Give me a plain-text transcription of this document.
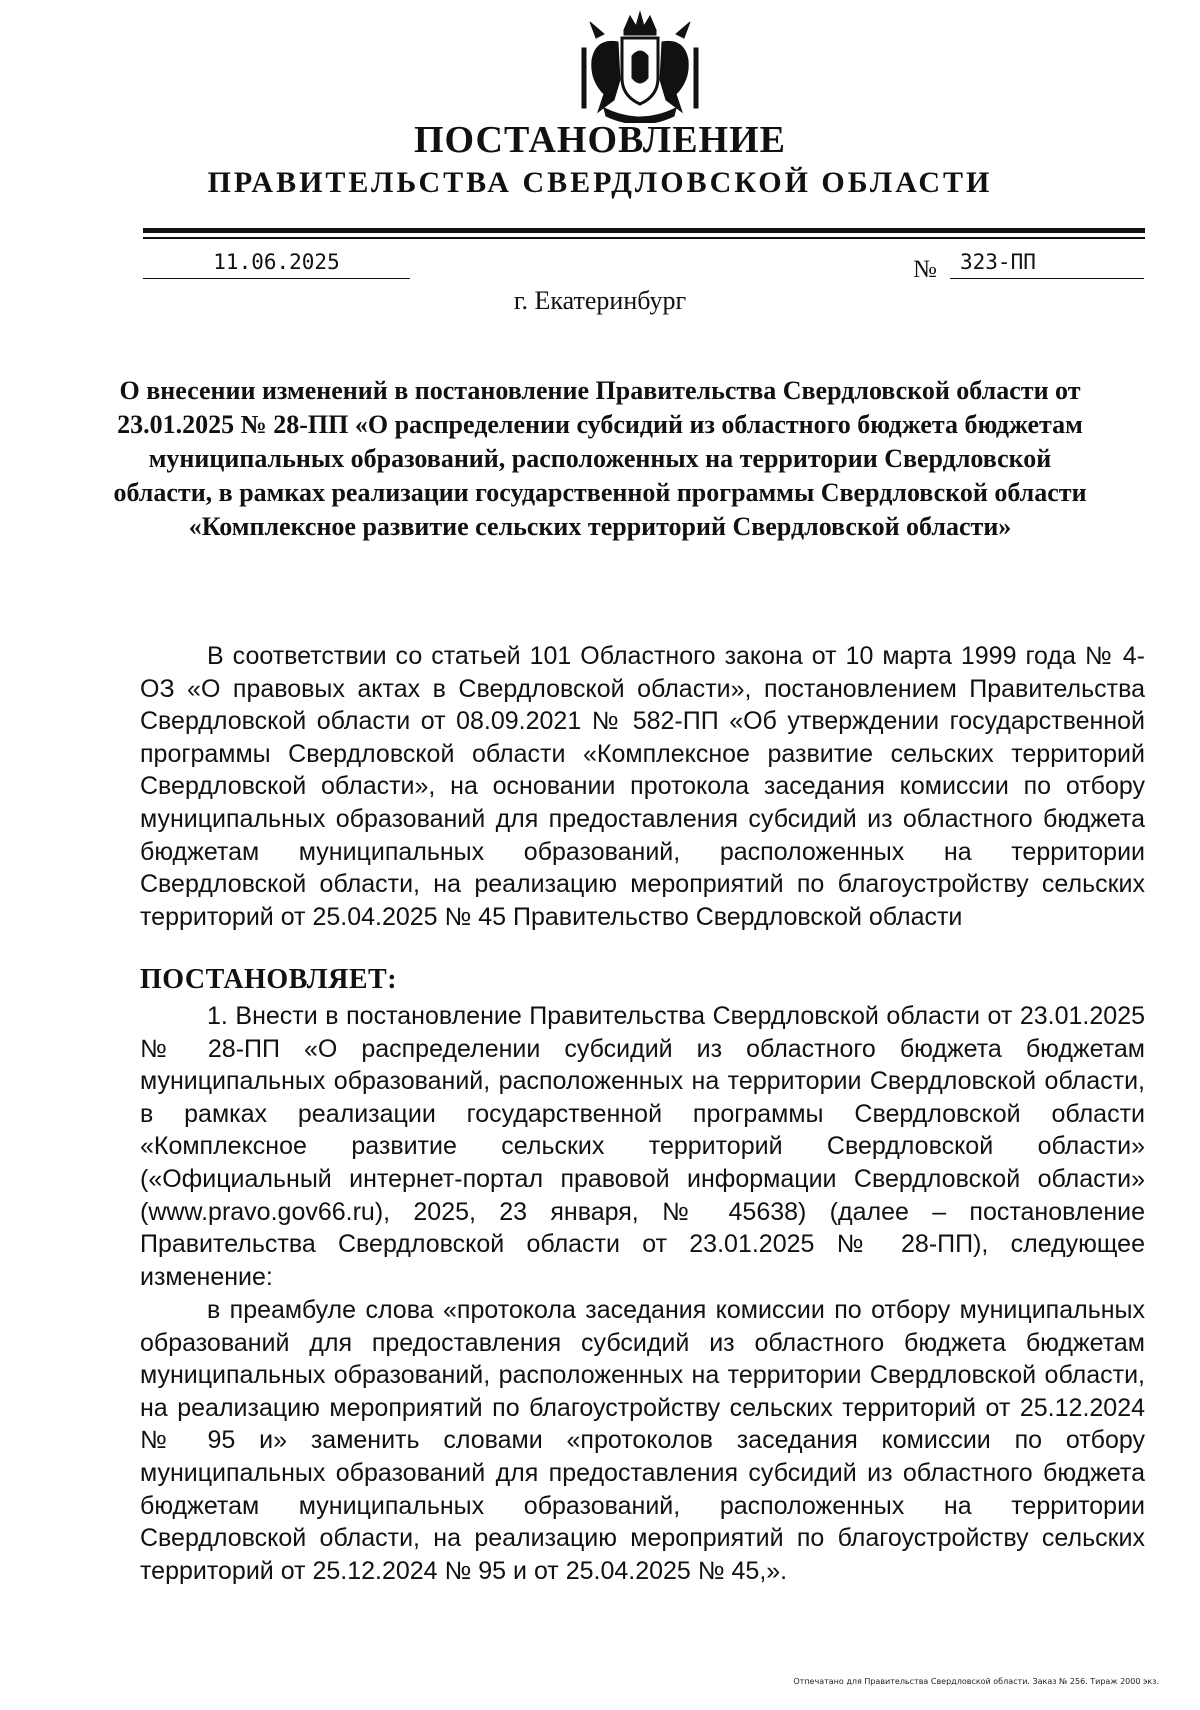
ПОСТАНОВЛЕНИЕ
ПРАВИТЕЛЬСТВА СВЕРДЛОВСКОЙ ОБЛАСТИ
11.06.2025	№	323-ПП
г. Екатеринбург
О внесении изменений в постановление Правительства Свердловской области от 23.01.2025 № 28-ПП «О распределении субсидий из областного бюджета бюджетам муниципальных образований, расположенных на территории Свердловской области, в рамках реализации государственной программы Свердловской области «Комплексное развитие сельских территорий Свердловской области»
В соответствии со статьей 101 Областного закона от 10 марта 1999 года № 4-ОЗ «О правовых актах в Свердловской области», постановлением Правительства Свердловской области от 08.09.2021 № 582-ПП «Об утверждении государственной программы Свердловской области «Комплексное развитие сельских территорий Свердловской области», на основании протокола заседания комиссии по отбору муниципальных образований для предоставления субсидий из областного бюджета бюджетам муниципальных образований, расположенных на территории Свердловской области, на реализацию мероприятий по благоустройству сельских территорий от 25.04.2025 № 45 Правительство Свердловской области
ПОСТАНОВЛЯЕТ:
1. Внести в постановление Правительства Свердловской области от 23.01.2025 № 28-ПП «О распределении субсидий из областного бюджета бюджетам муниципальных образований, расположенных на территории Свердловской области, в рамках реализации государственной программы Свердловской области «Комплексное развитие сельских территорий Свердловской области» («Официальный интернет-портал правовой информации Свердловской области» (www.pravo.gov66.ru), 2025, 23 января, № 45638) (далее – постановление Правительства Свердловской области от 23.01.2025 № 28-ПП), следующее изменение:
в преамбуле слова «протокола заседания комиссии по отбору муниципальных образований для предоставления субсидий из областного бюджета бюджетам муниципальных образований, расположенных на территории Свердловской области, на реализацию мероприятий по благоустройству сельских территорий от 25.12.2024 № 95 и» заменить словами «протоколов заседания комиссии по отбору муниципальных образований для предоставления субсидий из областного бюджета бюджетам муниципальных образований, расположенных на территории Свердловской области, на реализацию мероприятий по благоустройству сельских территорий от 25.12.2024 № 95 и от 25.04.2025 № 45,».
Отпечатано для Правительства Свердловской области. Заказ № 256. Тираж 2000 экз.
